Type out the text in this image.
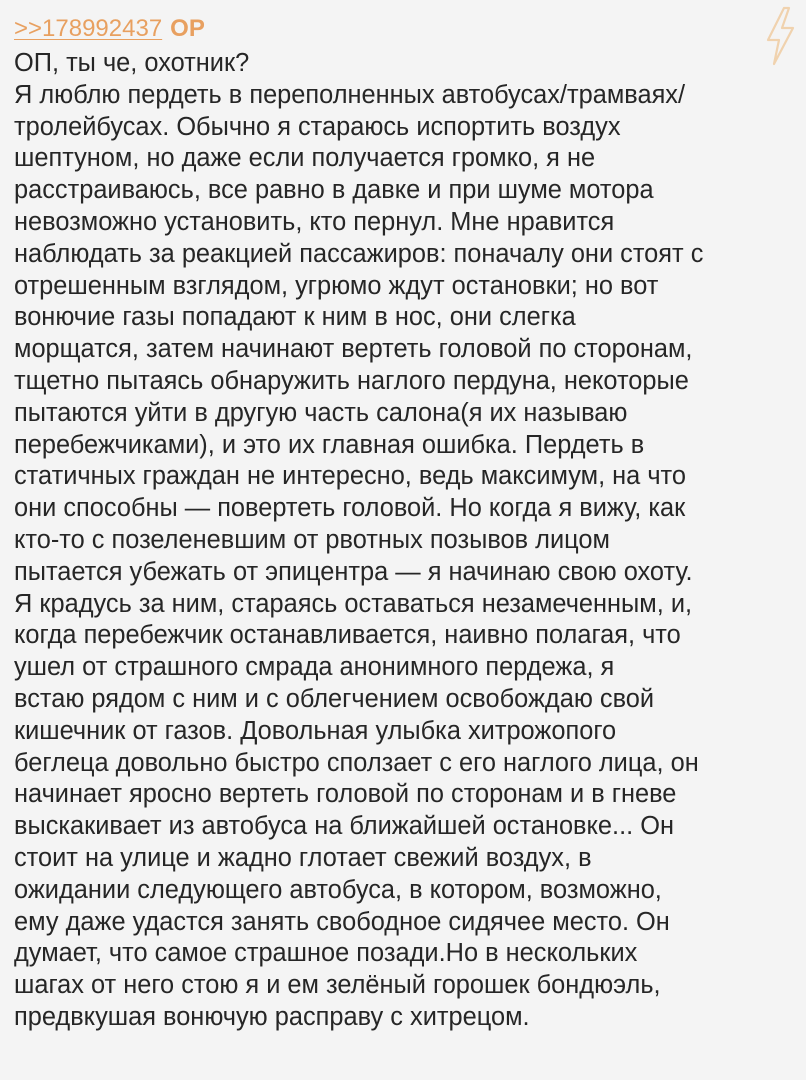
>>178992437 OP
ОП, ты че, охотник?
Я люблю пердеть в переполненных автобусах/трамваях/
тролейбусах. Обычно я стараюсь испортить воздух
шептуном, но даже если получается громко, я не
расстраиваюсь, все равно в давке и при шуме мотора
невозможно установить, кто пернул. Мне нравится
наблюдать за реакцией пассажиров: поначалу они стоят с
отрешенным взглядом, угрюмо ждут остановки; но вот
вонючие газы попадают к ним в нос, они слегка
морщатся, затем начинают вертеть головой по сторонам,
тщетно пытаясь обнаружить наглого пердуна, некоторые
пытаются уйти в другую часть салона(я их называю
перебежчиками), и это их главная ошибка. Пердеть в
статичных граждан не интересно, ведь максимум, на что
они способны — повертеть головой. Но когда я вижу, как
кто-то с позеленевшим от рвотных позывов лицом
пытается убежать от эпицентра — я начинаю свою охоту.
Я крадусь за ним, стараясь оставаться незамеченным, и,
когда перебежчик останавливается, наивно полагая, что
ушел от страшного смрада анонимного пердежа, я
встаю рядом с ним и с облегчением освобождаю свой
кишечник от газов. Довольная улыбка хитрожопого
беглеца довольно быстро сползает с его наглого лица, он
начинает яросно вертеть головой по сторонам и в гневе
выскакивает из автобуса на ближайшей остановке... Он
стоит на улице и жадно глотает свежий воздух, в
ожидании следующего автобуса, в котором, возможно,
ему даже удастся занять свободное сидячее место. Он
думает, что самое страшное позади.Но в нескольких
шагах от него стою я и ем зелёный горошек бондюэль,
предвкушая вонючую расправу с хитрецом.
